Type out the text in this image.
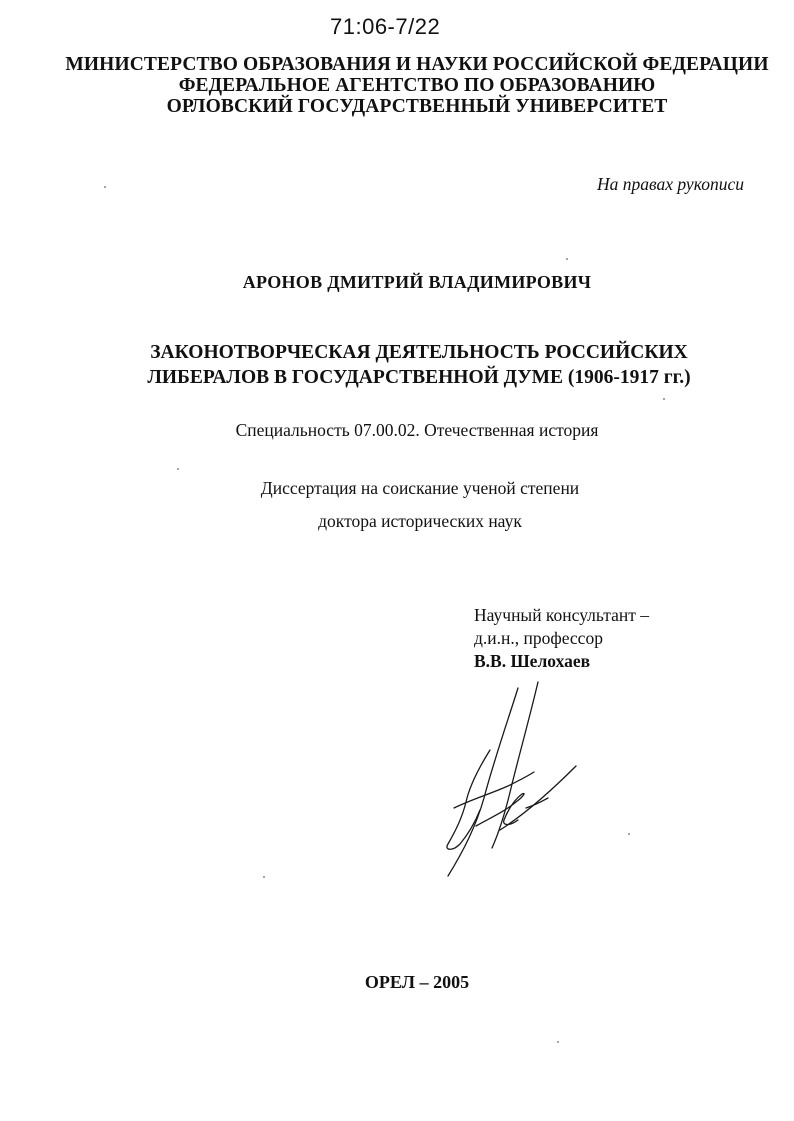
71:06-7/22
МИНИСТЕРСТВО ОБРАЗОВАНИЯ И НАУКИ РОССИЙСКОЙ ФЕДЕРАЦИИ
ФЕДЕРАЛЬНОЕ АГЕНТСТВО ПО ОБРАЗОВАНИЮ
ОРЛОВСКИЙ ГОСУДАРСТВЕННЫЙ УНИВЕРСИТЕТ
На правах рукописи
АРОНОВ ДМИТРИЙ ВЛАДИМИРОВИЧ
ЗАКОНОТВОРЧЕСКАЯ ДЕЯТЕЛЬНОСТЬ РОССИЙСКИХ
ЛИБЕРАЛОВ В ГОСУДАРСТВЕННОЙ ДУМЕ (1906-1917 гг.)
Специальность 07.00.02. Отечественная история
Диссертация на соискание ученой степени
доктора исторических наук
Научный консультант –
д.и.н., профессор
В.В. Шелохаев
ОРЕЛ – 2005
